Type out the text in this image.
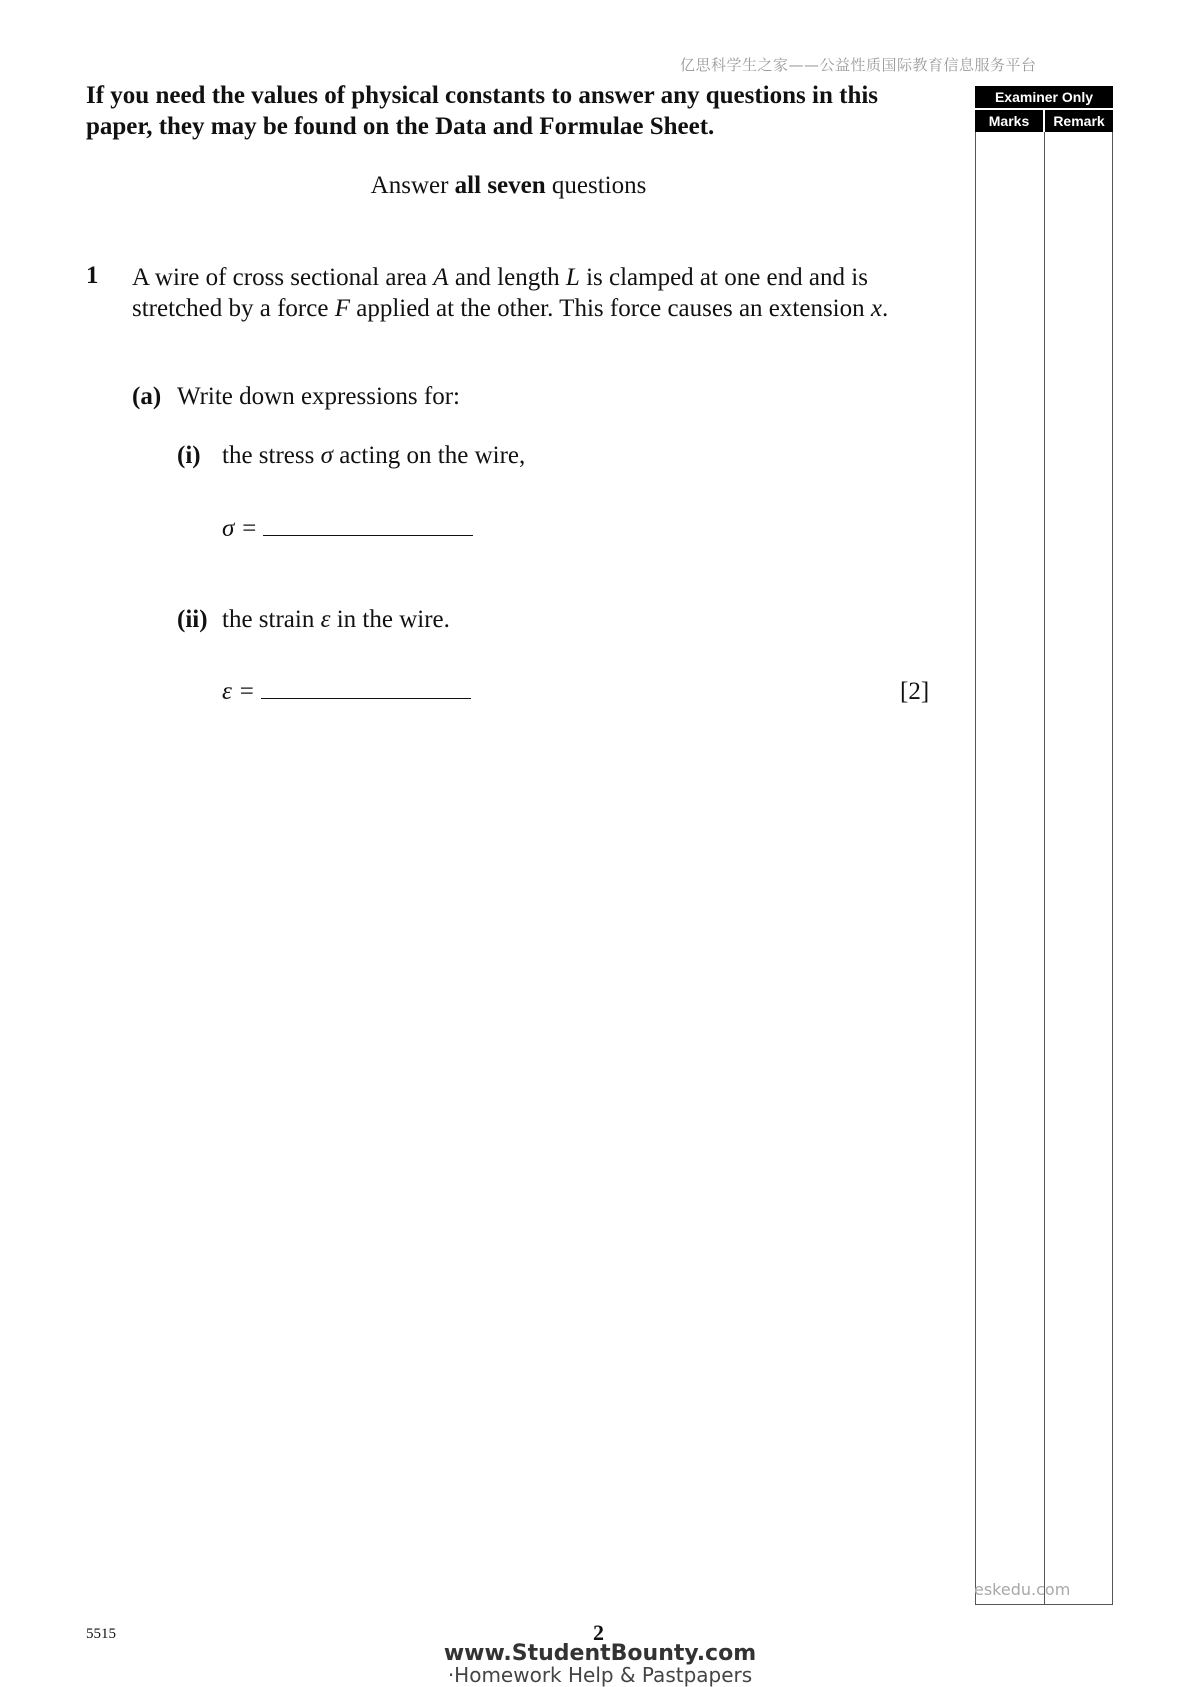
亿思科学生之家——公益性质国际教育信息服务平台
If you need the values of physical constants to answer any questions in this paper, they may be found on the Data and Formulae Sheet.
Answer all seven questions
1 A wire of cross sectional area A and length L is clamped at one end and is stretched by a force F applied at the other. This force causes an extension x.
(a) Write down expressions for:
(i) the stress σ acting on the wire,
σ =
(ii) the strain ε in the wire.
ε =	[2]
Examiner Only
Marks	Remark
eskedu.com
5515	2
www.StudentBounty.com
·Homework Help & Pastpapers
